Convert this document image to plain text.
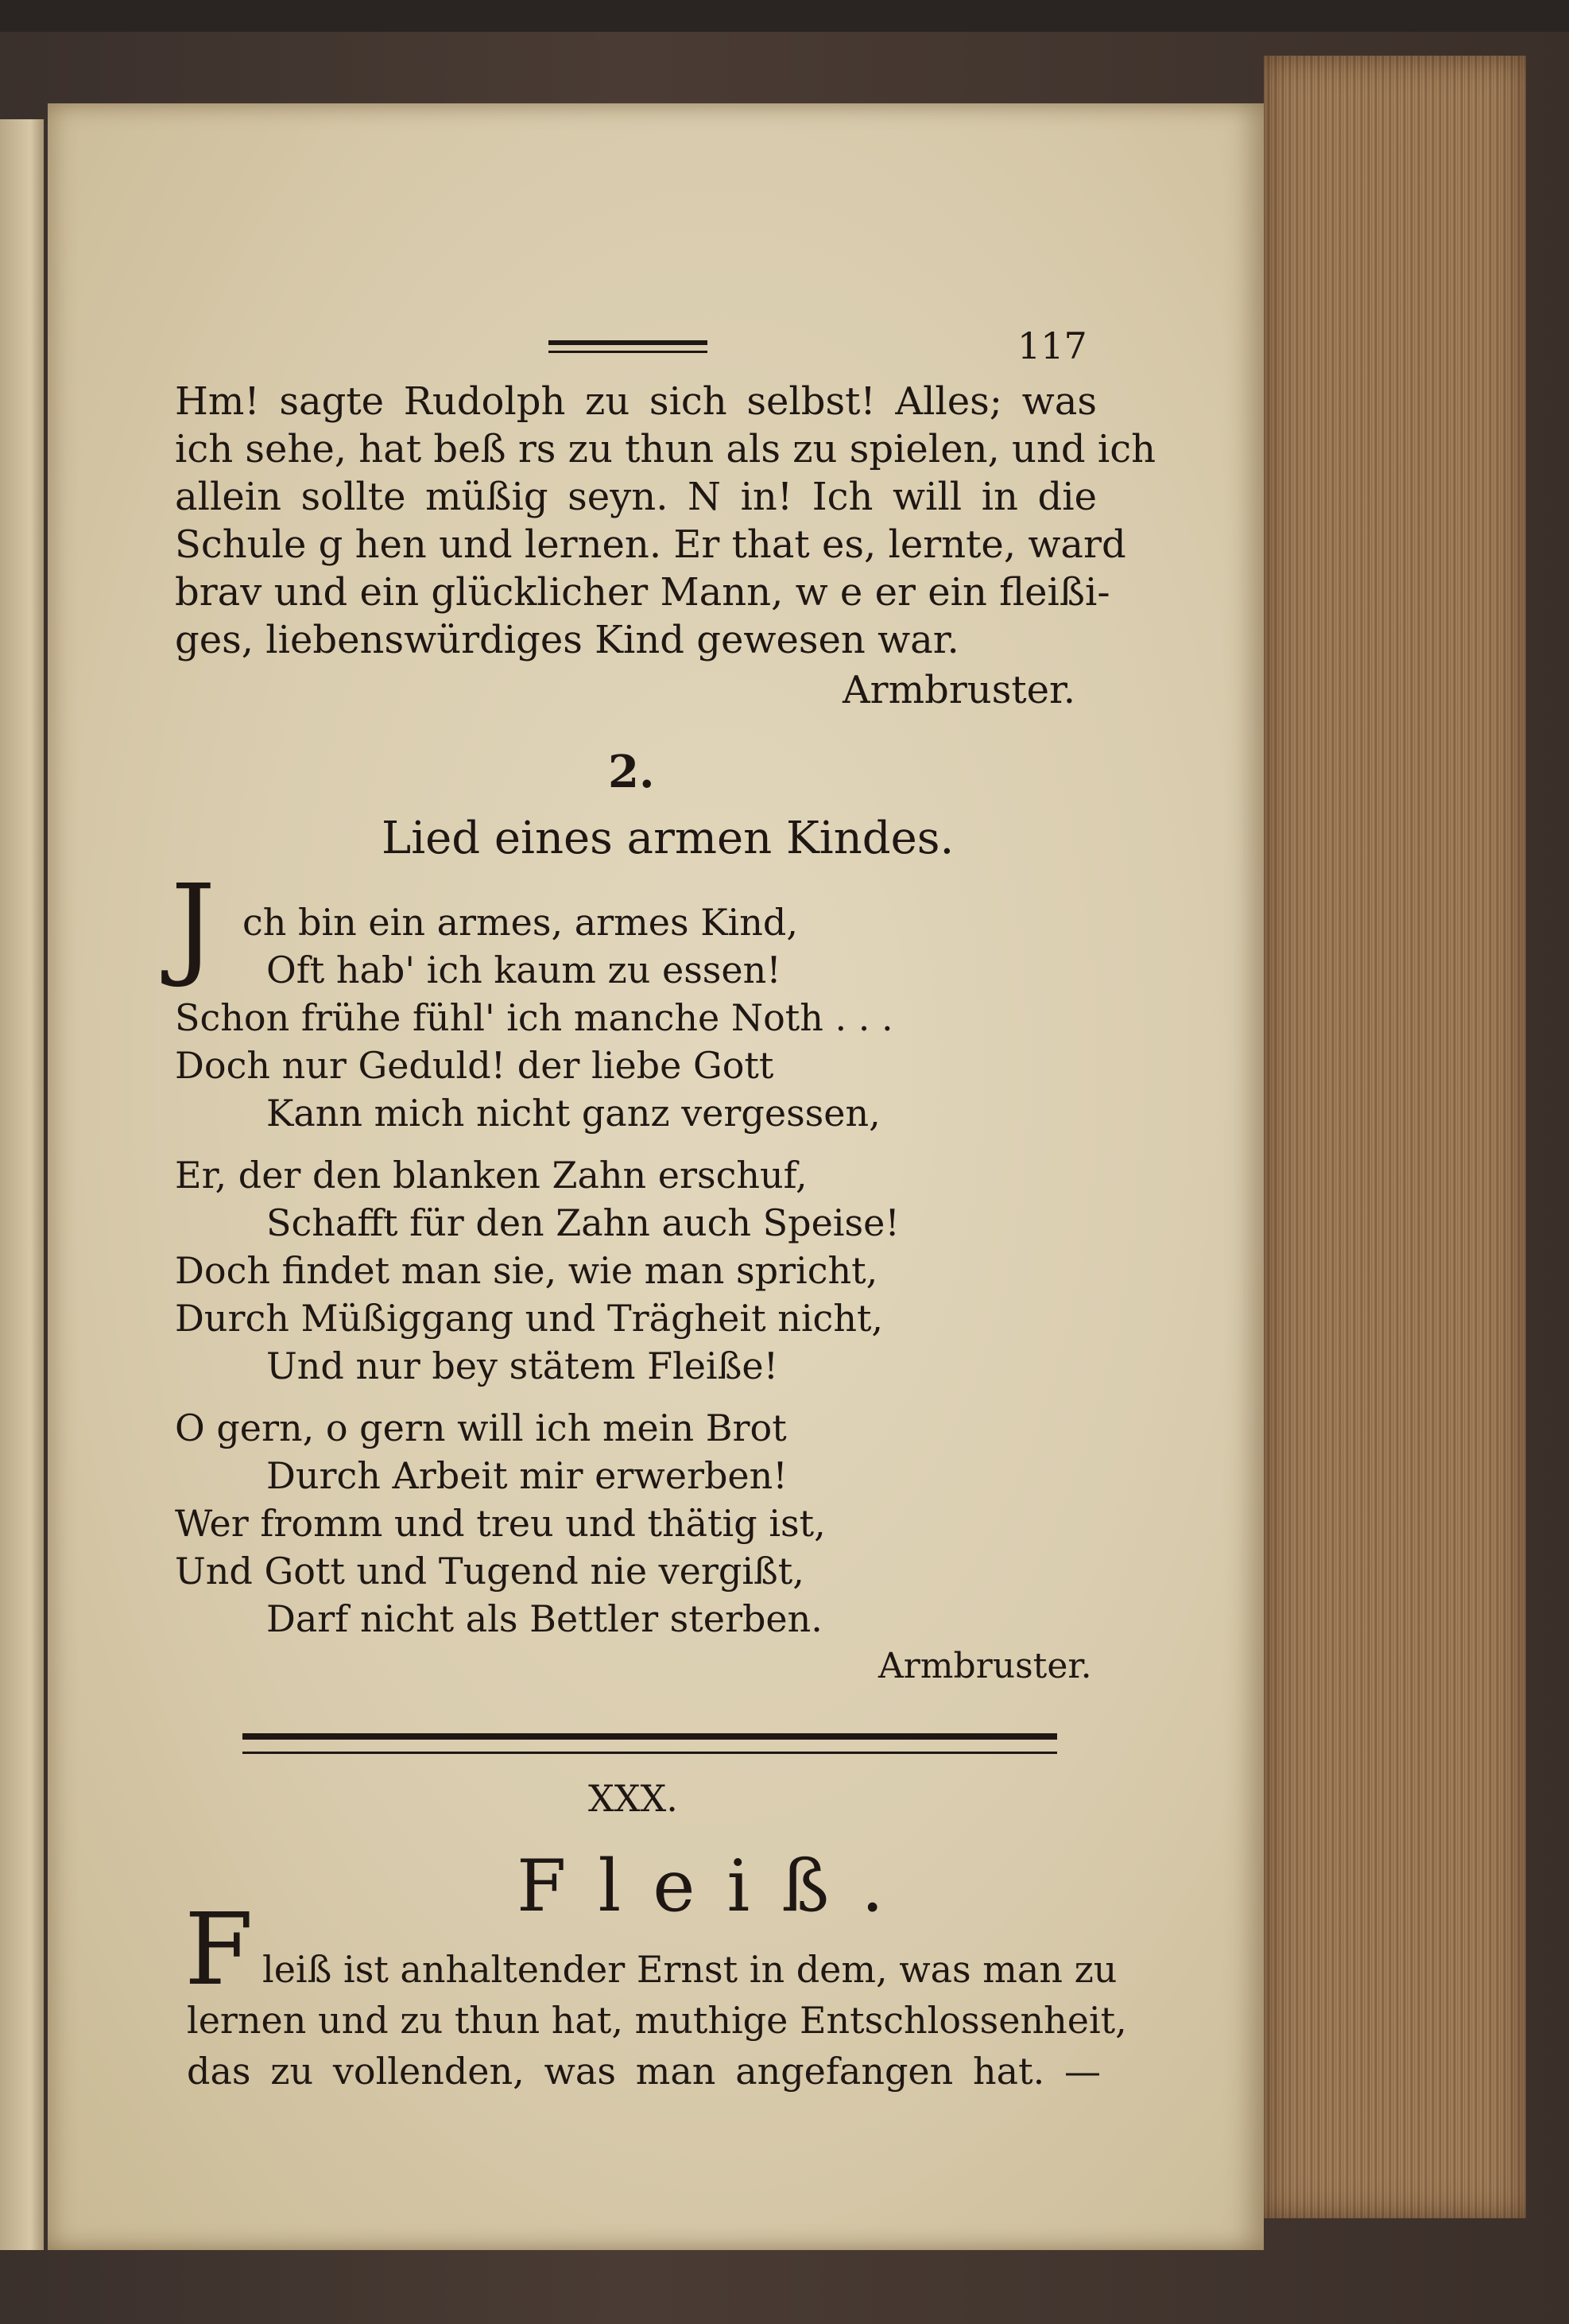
117
Hm! sagte Rudolph zu sich selbst! Alles; was
ich sehe, hat beß rs zu thun als zu spielen, und ich
allein sollte müßig seyn. N in! Ich will in die
Schule g hen und lernen. Er that es, lernte, ward
brav und ein glücklicher Mann, w e er ein fleißi-
ges, liebenswürdiges Kind gewesen war.
Armbruster.
2.
Lied eines armen Kindes.
J ch bin ein armes, armes Kind,
Oft hab' ich kaum zu essen!
Schon frühe fühl' ich manche Noth . . .
Doch nur Geduld! der liebe Gott
Kann mich nicht ganz vergessen,
Er, der den blanken Zahn erschuf,
Schafft für den Zahn auch Speise!
Doch findet man sie, wie man spricht,
Durch Müßiggang und Trägheit nicht,
Und nur bey stätem Fleiße!
O gern, o gern will ich mein Brot
Durch Arbeit mir erwerben!
Wer fromm und treu und thätig ist,
Und Gott und Tugend nie vergißt,
Darf nicht als Bettler sterben.
Armbruster.
XXX.
Fleiß.
F leiß ist anhaltender Ernst in dem, was man zu
lernen und zu thun hat, muthige Entschlossenheit,
das zu vollenden, was man angefangen hat. —
